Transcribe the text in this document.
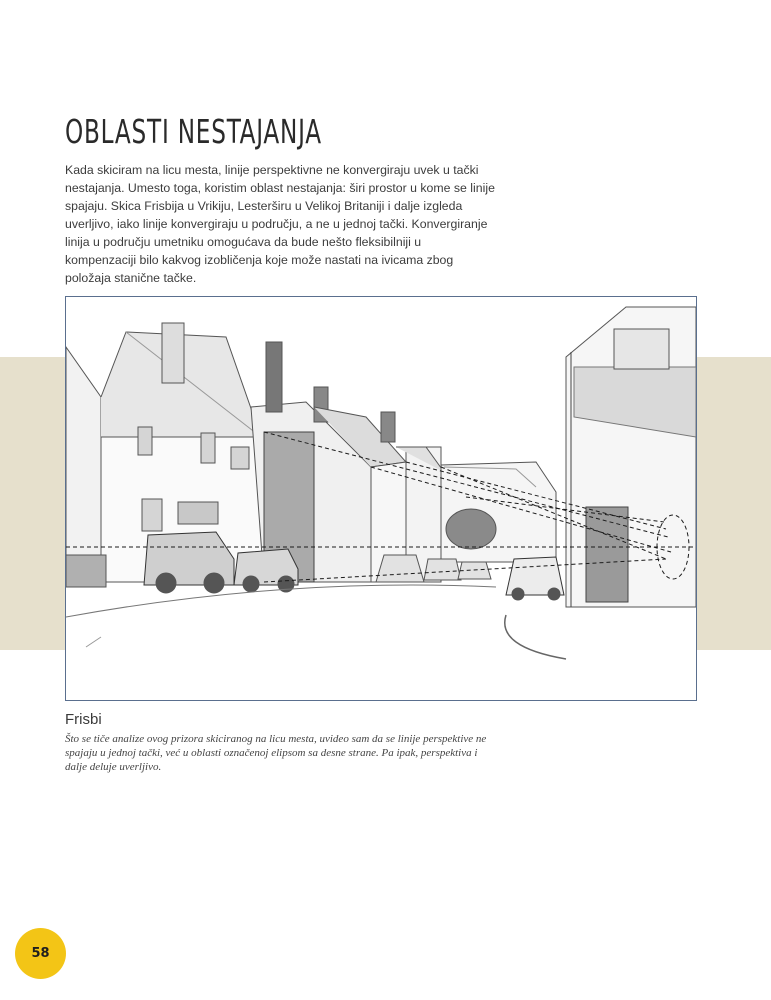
OBLASTI NESTAJANJA

Kada skiciram na licu mesta, linije perspektivne ne konvergiraju uvek u tački nestajanja. Umesto toga, koristim oblast nestajanja: širi prostor u kome se linije spajaju. Skica Frisbija u Vrikiju, Lesterširu u Velikoj Britaniji i dalje izgleda uverljivo, iako linije konvergiraju u području, a ne u jednoj tački. Konvergiranje linija u području umetniku omogućava da bude nešto fleksibilniji u kompenzaciji bilo kakvog izobličenja koje može nastati na ivicama zbog položaja stanične tačke.

Frisbi

Što se tiče analize ovog prizora skiciranog na licu mesta, uvideo sam da se linije perspektive ne spajaju u jednoj tački, već u oblasti označenoj elipsom sa desne strane. Pa ipak, perspektiva i dalje deluje uverljivo.

58
